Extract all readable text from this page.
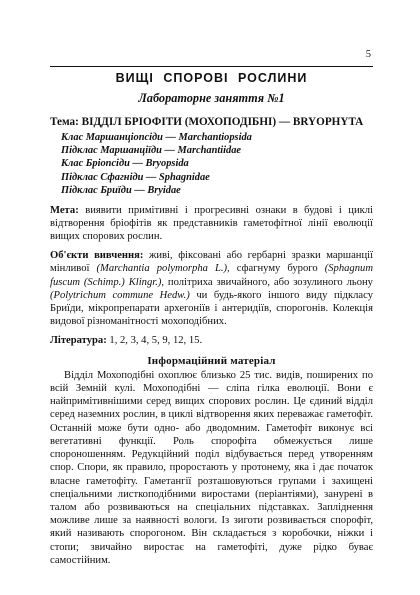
5
ВИЩІ СПОРОВІ РОСЛИНИ
Лабораторне заняття №1
Тема: ВІДДІЛ БРІОФІТИ (МОХОПОДІБНІ) — BRYOPHYTA
Клас Маршанціопсіди — Marchantiopsida
Підклас Маршанціїди — Marchantiidae
Клас Бріопсіди — Bryopsida
Підклас Сфагніди — Sphagnidae
Підклас Бриїди — Bryidae
Мета: виявити примітивні і прогресивні ознаки в будові і циклі відтворення бріофітів як представників гаметофітної лінії еволюції вищих спорових рослин.
Об'єкти вивчення: живі, фіксовані або гербарні зразки маршанції мінливої (Marchantia polymorpha L.), сфагнуму бурого (Sphagnum fuscum (Schimp.) Klingr.), політриха звичайного, або зозулиного льону (Polytrichum commune Hedw.) чи будь-якого іншого виду підкласу Бриїди, мікропрепарати архегоніїв і антеридіїв, спорогонів. Колекція видової різноманітності мохоподібних.
Література: 1, 2, 3, 4, 5, 9, 12, 15.
Інформаційний матеріал
Відділ Мохоподібні охоплює близько 25 тис. видів, поширених по всій Земній кулі. Мохоподібні — сліпа гілка еволюції. Вони є найпримітивнішими серед вищих спорових рослин. Це єдиний відділ серед наземних рослин, в циклі відтворення яких переважає гаметофіт. Останній може бути одно- або дводомним. Гаметофіт виконує всі вегетативні функції. Роль спорофіта обмежується лише спороношенням. Редукційний поділ відбувається перед утворенням спор. Спори, як правило, проростають у протонему, яка і дає початок власне гаметофіту. Гаметангії розташовуються групами і захищені спеціальними листкоподібними виростами (періантіями), занурені в талом або розвиваються на спеціальних підставках. Запліднення можливе лише за наявності вологи. Із зиготи розвивається спорофіт, який називають спорогоном. Він складається з коробочки, ніжки і стопи; звичайно виростає на гаметофіті, дуже рідко буває самостійним.
